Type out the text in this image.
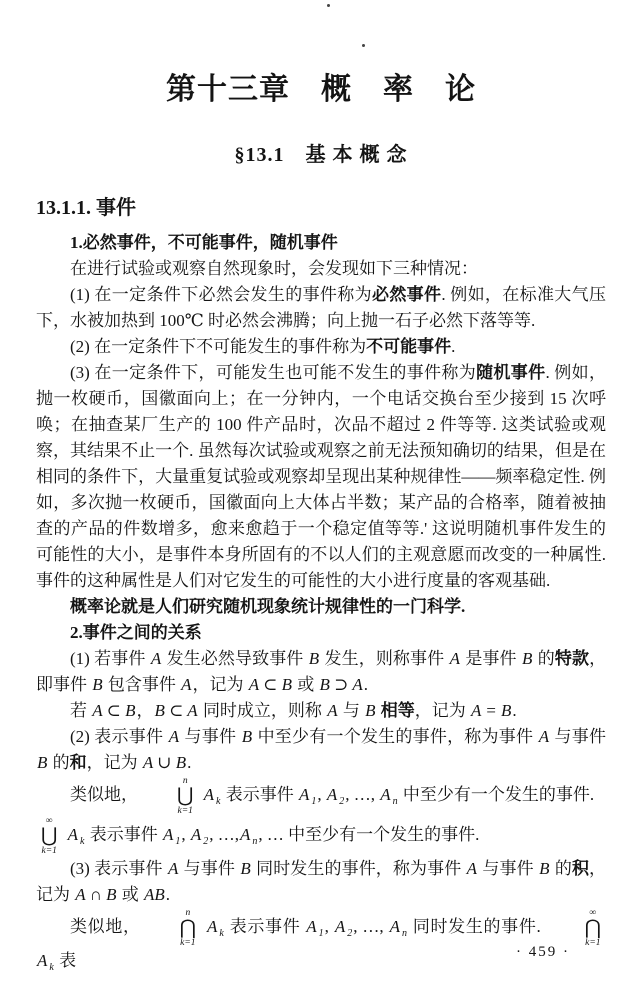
第十三章　概　率　论
§13.1　基 本 概 念
13.1.1. 事件

1.必然事件，不可能事件，随机事件

在进行试验或观察自然现象时，会发现如下三种情况：

(1) 在一定条件下必然会发生的事件称为必然事件. 例如，在标准大气压下，水被加热到 100℃ 时必然会沸腾；向上抛一石子必然下落等等.

(2) 在一定条件下不可能发生的事件称为不可能事件.

(3) 在一定条件下，可能发生也可能不发生的事件称为随机事件. 例如，抛一枚硬币，国徽面向上；在一分钟内，一个电话交换台至少接到 15 次呼唤；在抽查某厂生产的 100 件产品时，次品不超过 2 件等等. 这类试验或观察，其结果不止一个. 虽然每次试验或观察之前无法预知确切的结果，但是在相同的条件下，大量重复试验或观察却呈现出某种规律性——频率稳定性. 例如，多次抛一枚硬币，国徽面向上大体占半数；某产品的合格率，随着被抽查的产品的件数增多，愈来愈趋于一个稳定值等等.' 这说明随机事件发生的可能性的大小，是事件本身所固有的不以人们的主观意愿而改变的一种属性. 事件的这种属性是人们对它发生的可能性的大小进行度量的客观基础.

概率论就是人们研究随机现象统计规律性的一门科学.

2.事件之间的关系

(1) 若事件 A 发生必然导致事件 B 发生，则称事件 A 是事件 B 的特款，即事件 B 包含事件 A，记为 A ⊂ B 或 B ⊃ A.

若 A ⊂ B，B ⊂ A 同时成立，则称 A 与 B 相等，记为 A = B.

(2) 表示事件 A 与事件 B 中至少有一个发生的事件，称为事件 A 与事件 B 的和，记为 A ∪ B.

类似地，
n
⋃
k=1
A $_k$ 表示事件 A $_1$, A $_2$, …, A $_n$ 中至少有一个发生的事件.

∞
⋃
k=1
A $_k$ 表示事件 A $_1$, A $_2$, …,A $_n$, … 中至少有一个发生的事件.

(3) 表示事件 A 与事件 B 同时发生的事件，称为事件 A 与事件 B 的积，记为 A ∩ B 或 AB.

类似地，
n
⋂
k=1
A $_k$ 表示事件 A $_1$, A $_2$, …, A $_n$ 同时发生的事件.
∞
⋂
k=1
A $_k$ 表	· 459 ·
